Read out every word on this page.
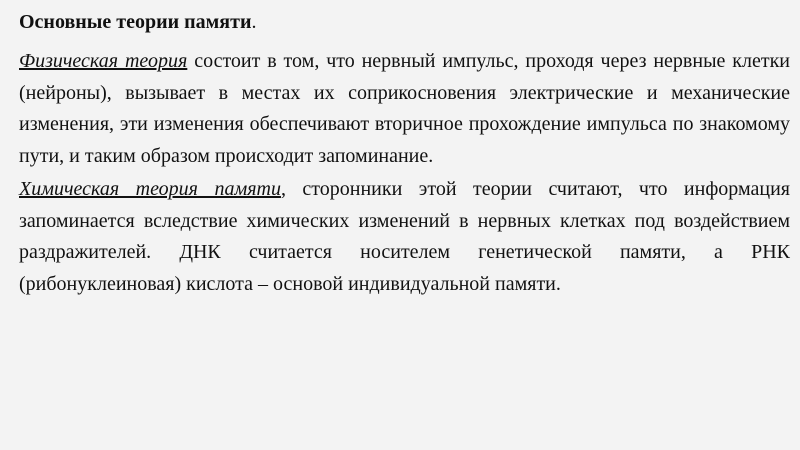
Основные теории памяти.

Физическая теория состоит в том, что нервный импульс, проходя через нервные клетки (нейроны), вызывает в местах их соприкосновения электрические и механические изменения, эти изменения обеспечивают вторичное прохождение импульса по знакомому пути, и таким образом происходит запоминание.

Химическая теория памяти, сторонники этой теории считают, что информация запоминается вследствие химических изменений в нервных клетках под воздействием раздражителей. ДНК считается носителем генетической памяти, а РНК (рибонуклеиновая) кислота – основой индивидуальной памяти.
